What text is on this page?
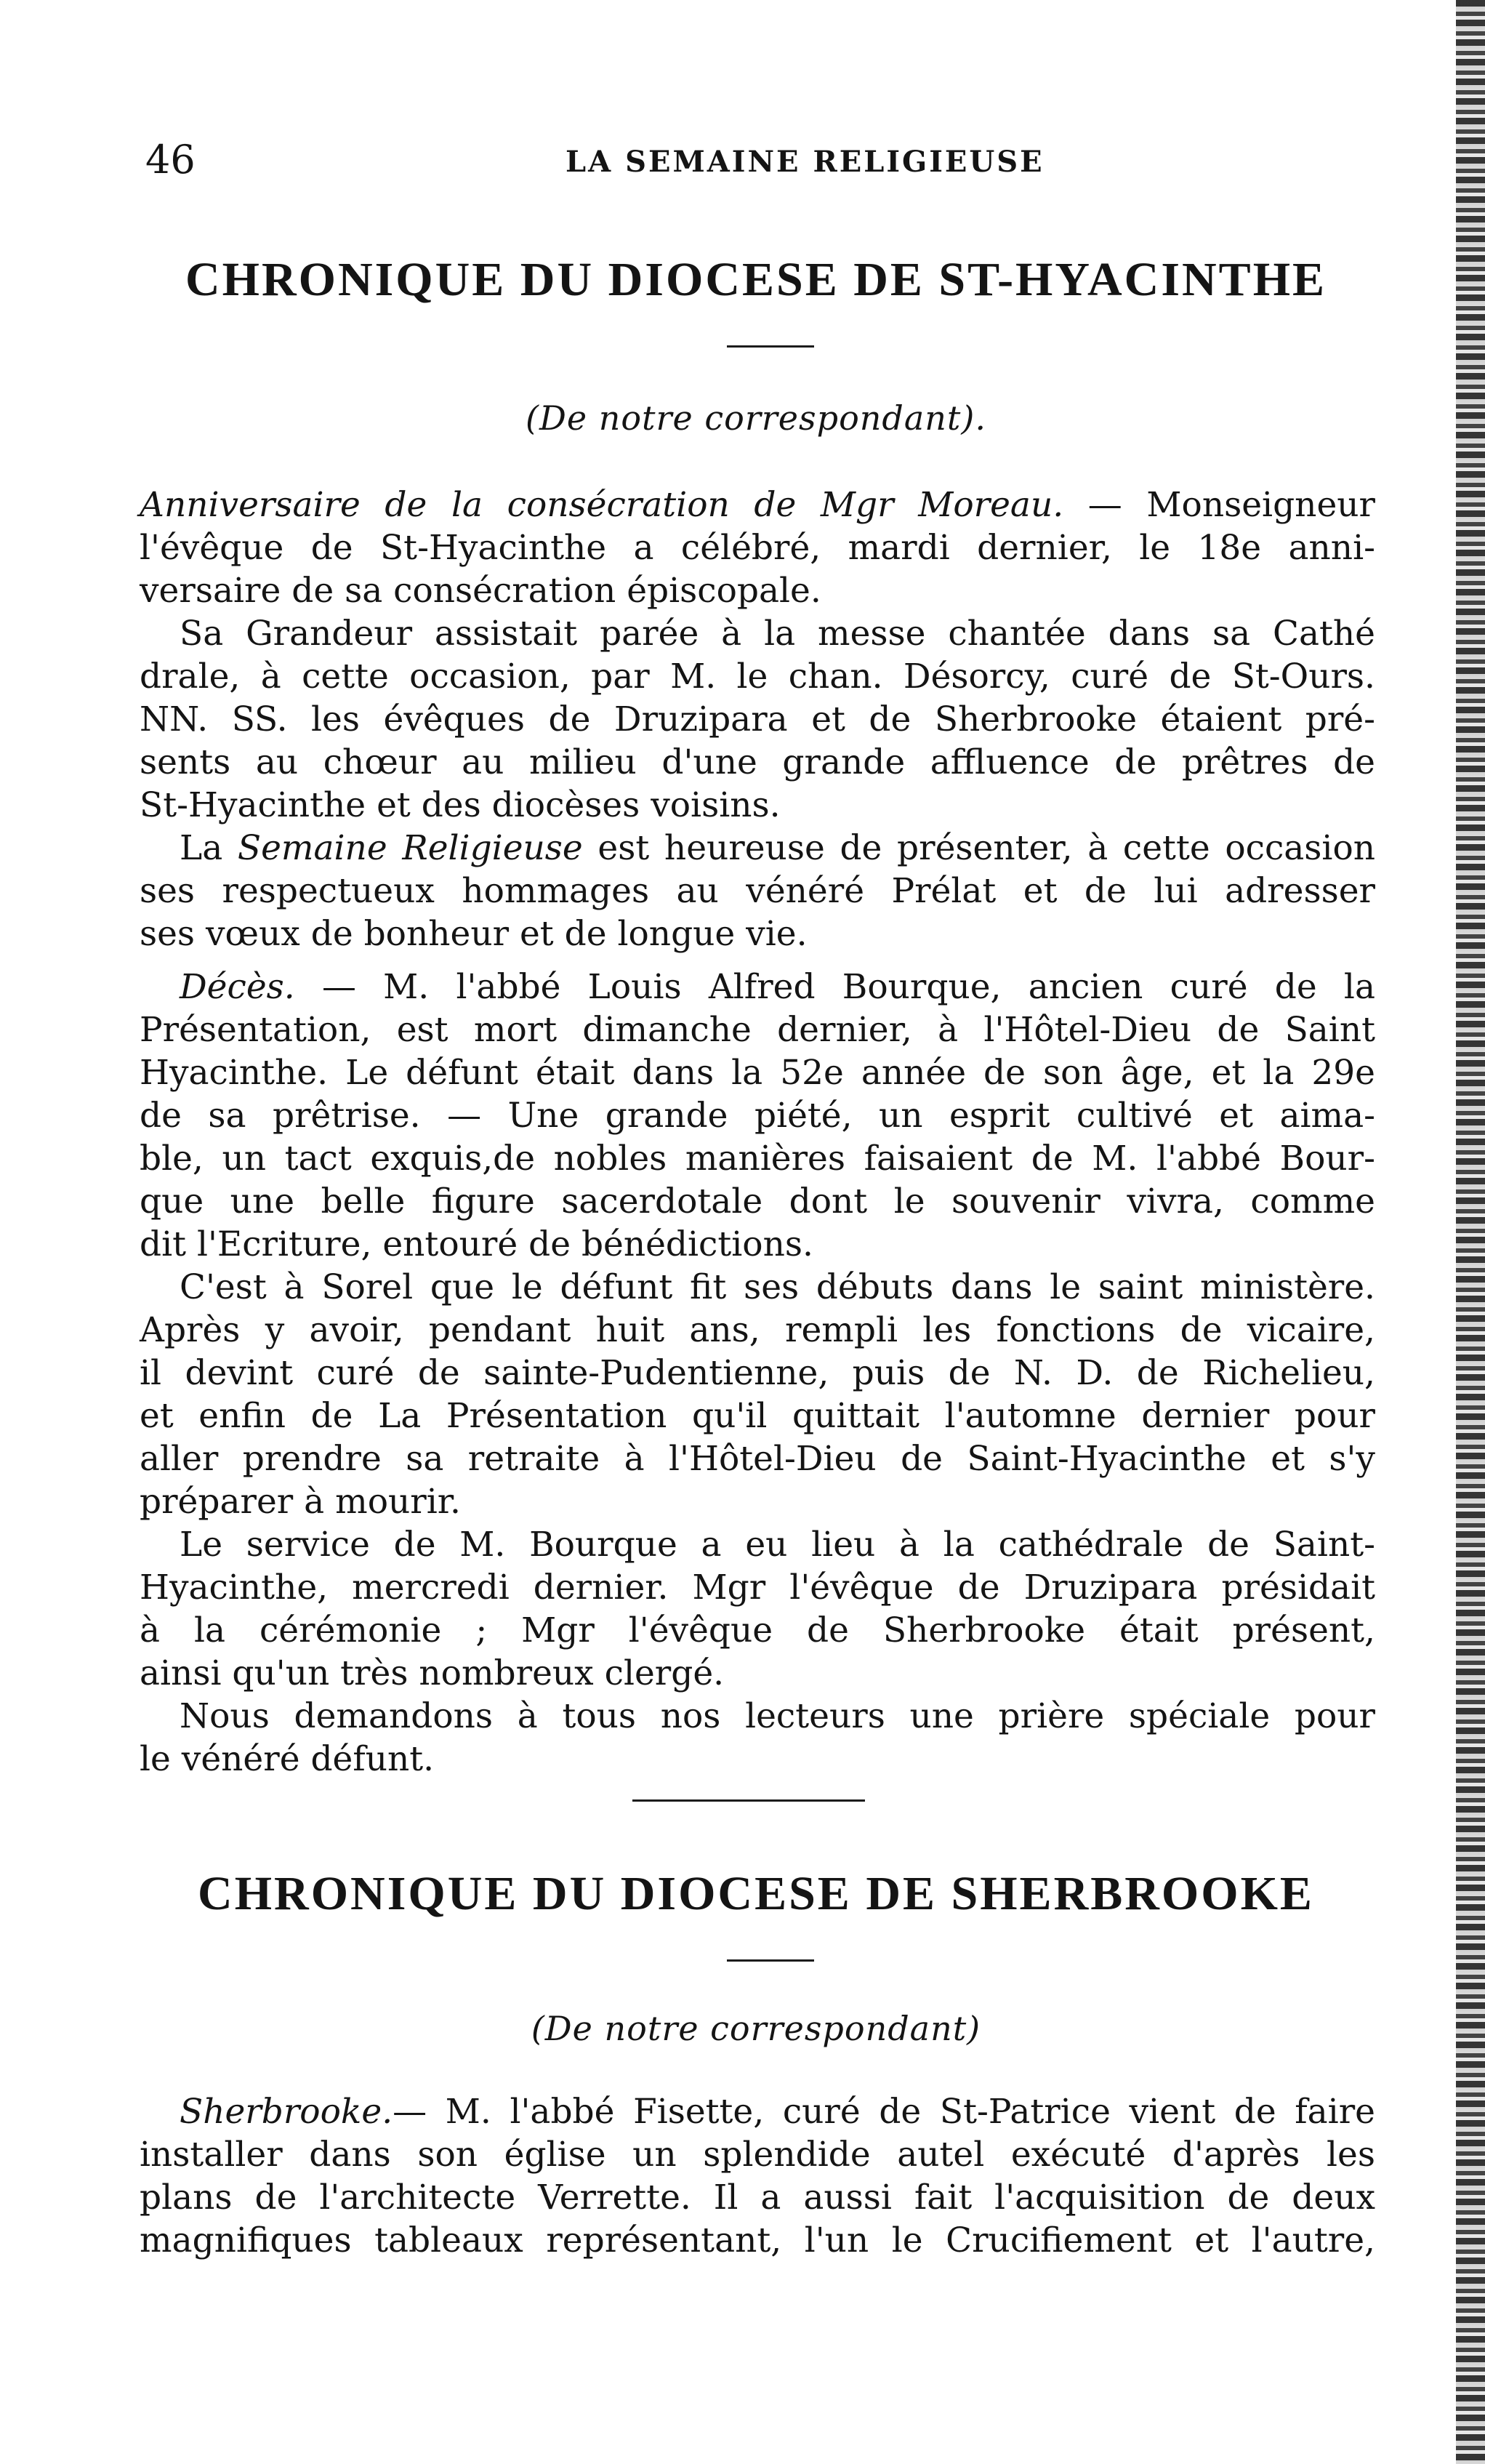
46	LA SEMAINE RELIGIEUSE
CHRONIQUE DU DIOCESE DE ST-HYACINTHE
(De notre correspondant).
Anniversaire de la consécration de Mgr Moreau. — Monseigneur
l'évêque de St-Hyacinthe a célébré, mardi dernier, le 18e anni-
versaire de sa consécration épiscopale.
Sa Grandeur assistait parée à la messe chantée dans sa Cathé
drale, à cette occasion, par M. le chan. Désorcy, curé de St-Ours.
NN. SS. les évêques de Druzipara et de Sherbrooke étaient pré-
sents au chœur au milieu d'une grande affluence de prêtres de
St-Hyacinthe et des diocèses voisins.
La Semaine Religieuse est heureuse de présenter, à cette occasion
ses respectueux hommages au vénéré Prélat et de lui adresser
ses vœux de bonheur et de longue vie.
Décès. — M. l'abbé Louis Alfred Bourque, ancien curé de la
Présentation, est mort dimanche dernier, à l'Hôtel-Dieu de Saint
Hyacinthe. Le défunt était dans la 52e année de son âge, et la 29e
de sa prêtrise. — Une grande piété, un esprit cultivé et aima-
ble, un tact exquis,de nobles manières faisaient de M. l'abbé Bour-
que une belle figure sacerdotale dont le souvenir vivra, comme
dit l'Ecriture, entouré de bénédictions.
C'est à Sorel que le défunt fit ses débuts dans le saint ministère.
Après y avoir, pendant huit ans, rempli les fonctions de vicaire,
il devint curé de sainte-Pudentienne, puis de N. D. de Richelieu,
et enfin de La Présentation qu'il quittait l'automne dernier pour
aller prendre sa retraite à l'Hôtel-Dieu de Saint-Hyacinthe et s'y
préparer à mourir.
Le service de M. Bourque a eu lieu à la cathédrale de Saint-
Hyacinthe, mercredi dernier. Mgr l'évêque de Druzipara présidait
à la cérémonie ; Mgr l'évêque de Sherbrooke était présent,
ainsi qu'un très nombreux clergé.
Nous demandons à tous nos lecteurs une prière spéciale pour
le vénéré défunt.
CHRONIQUE DU DIOCESE DE SHERBROOKE
(De notre correspondant)
Sherbrooke.— M. l'abbé Fisette, curé de St-Patrice vient de faire
installer dans son église un splendide autel exécuté d'après les
plans de l'architecte Verrette. Il a aussi fait l'acquisition de deux
magnifiques tableaux représentant, l'un le Crucifiement et l'autre,
